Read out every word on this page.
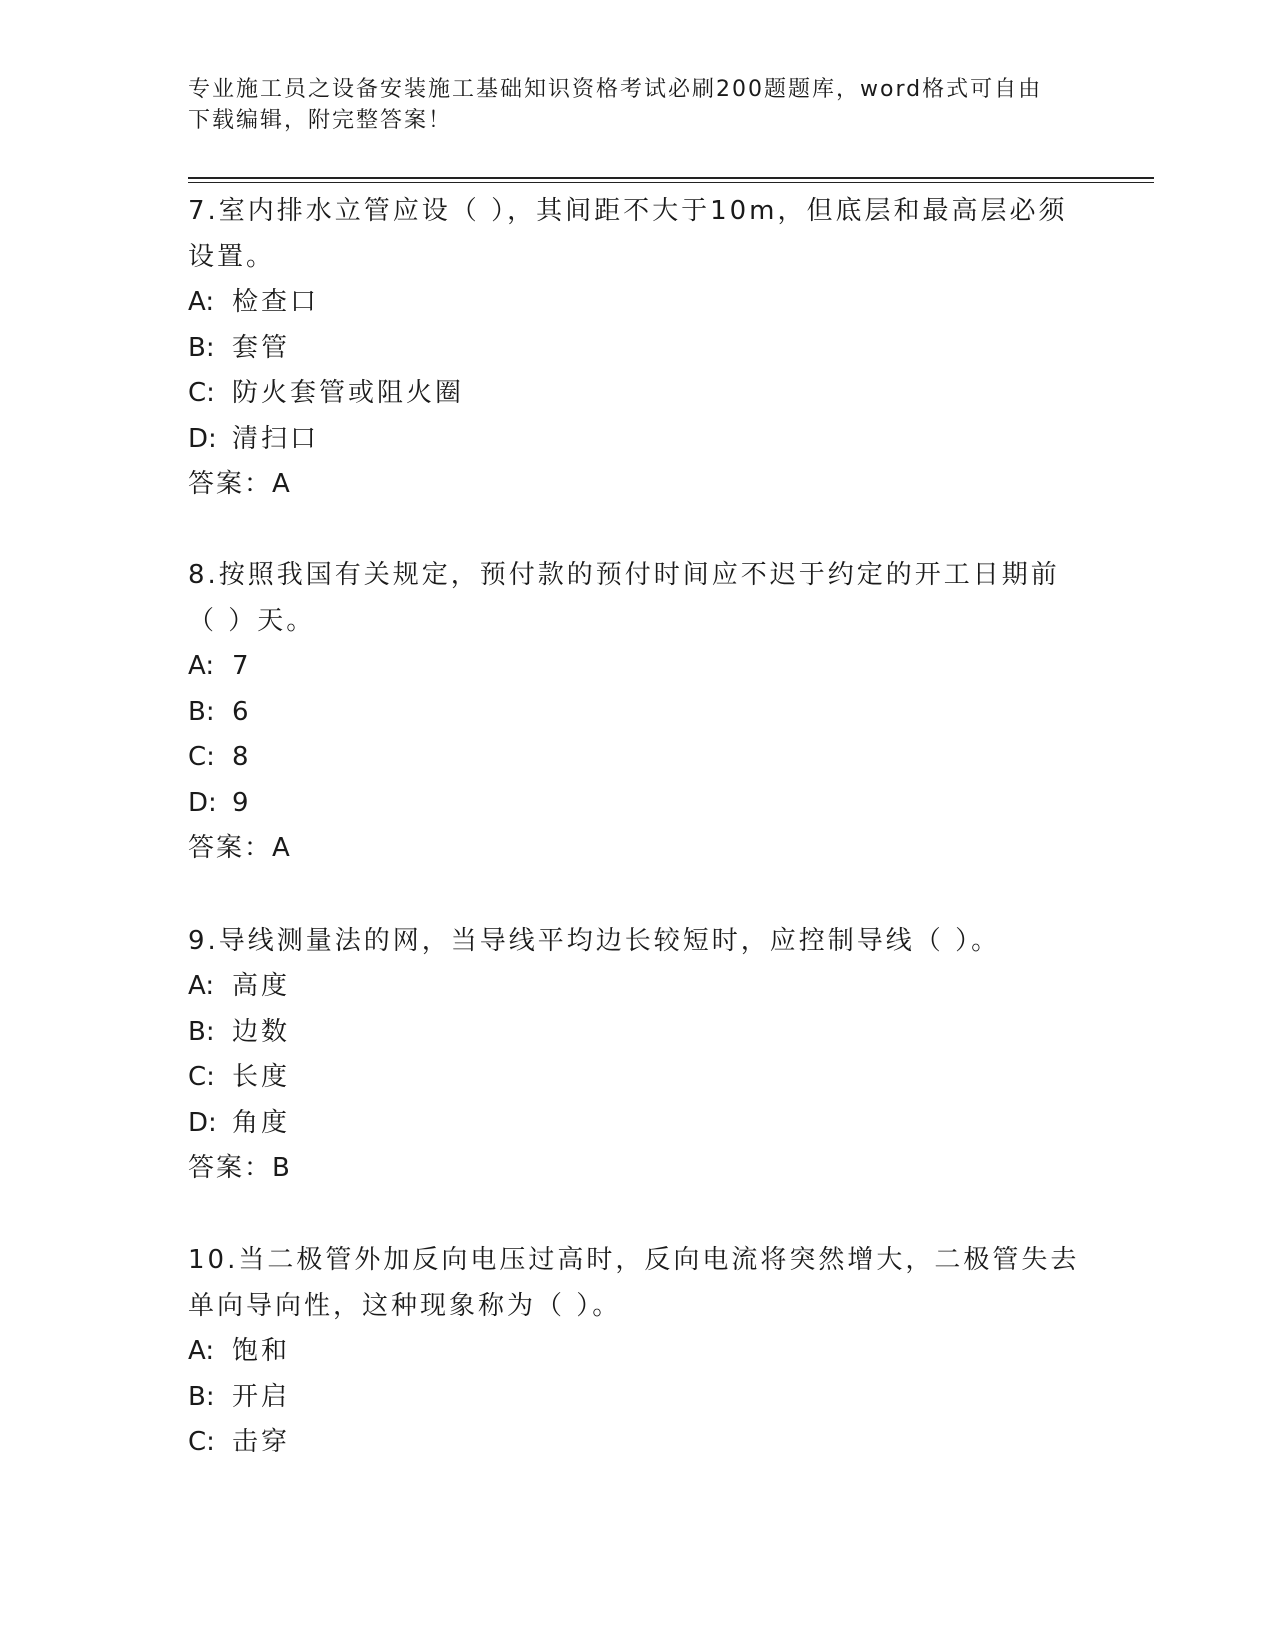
专业施工员之设备安装施工基础知识资格考试必刷200题题库，word格式可自由
下载编辑，附完整答案！

7.室内排水立管应设（ ），其间距不大于10m，但底层和最高层必须

设置。

A: 检查口

B: 套管

C: 防火套管或阻火圈

D: 清扫口

答案：A

8.按照我国有关规定，预付款的预付时间应不迟于约定的开工日期前

（ ）天。

A: 7

B: 6

C: 8

D: 9

答案：A

9.导线测量法的网，当导线平均边长较短时，应控制导线（ ）。

A: 高度

B: 边数

C: 长度

D: 角度

答案：B

10.当二极管外加反向电压过高时，反向电流将突然增大，二极管失去

单向导向性，这种现象称为（ ）。

A: 饱和

B: 开启

C: 击穿
